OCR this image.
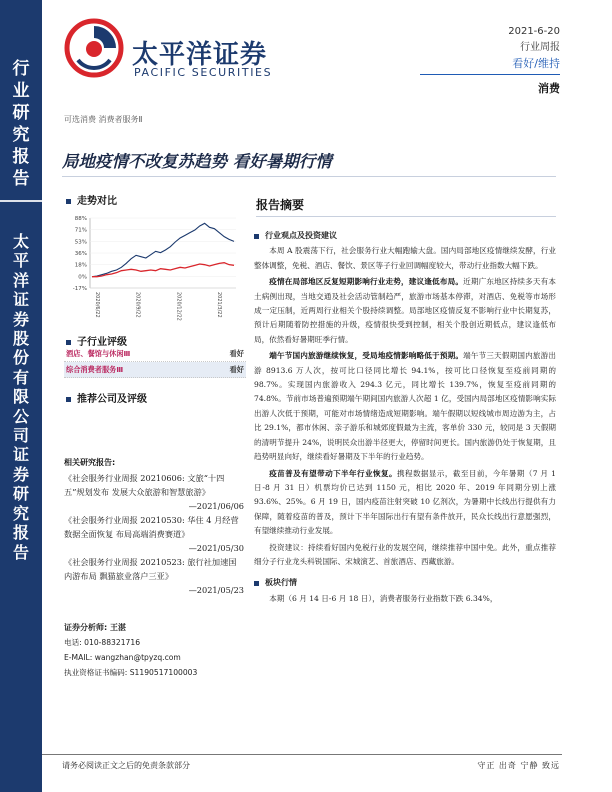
行
业
研
究
报
告
太
平
洋
证
券
股
份
有
限
公
司
证
券
研
究
报
告
太平洋证券
PACIFIC SECURITIES
2021-6-20
行业周报
看好/维持
消费
可选消费 消费者服务Ⅱ
局地疫情不改复苏趋势 看好暑期行情
走势对比
88%
71%
53%
36%
18%
0%
-17%
2020/6/22	2020/9/22	2020/12/22	2021/3/22
子行业评级
酒店、餐馆与休闲Ⅲ	看好
综合消费者服务Ⅲ	看好
推荐公司及评级
相关研究报告:

《社会服务行业周报 20210606: 文旅“十四五”规划发布 发展大众旅游和智慧旅游》

—2021/06/06

《社会服务行业周报 20210530: 华住 4 月经营数据全面恢复 布局高端消费赛道》

—2021/05/30

《社会服务行业周报 20210523: 旅行社加速国内游布局 飘猫旅业落户三亚》

—2021/05/23

证券分析师: 王湛
电话: 010-88321716
E-MAIL: wangzhan@tpyzq.com
执业资格证书编码: S1190517100003
报告摘要
行业观点及投资建议

本周 A 股震荡下行，社会服务行业大幅跑输大盘。国内局部地区疫情继续发酵，行业整体调整，免税、酒店、餐饮、景区等子行业回调幅度较大，带动行业指数大幅下跌。

疫情在局部地区反复短期影响行业走势，建议逢低布局。近期广东地区持续多天有本土病例出现，当地交通及社会活动管制趋严，旅游市场基本停滞，对酒店、免税等市场形成一定压制，近两周行业相关个股持续调整。局部地区疫情反复不影响行业中长期复苏，预计后期随着防控措施的升级，疫情很快受到控制，相关个股创近期低点，建议逢低布局，依然看好暑期旺季行情。

端午节国内旅游继续恢复，受局地疫情影响略低于预期。端午节三天假期国内旅游出游 8913.6 万人次，按可比口径同比增长 94.1%，按可比口径恢复至疫前同期的 98.7%。实现国内旅游收入 294.3 亿元，同比增长 139.7%，恢复至疫前同期的 74.8%。节前市场普遍预期端午期间国内旅游人次超 1 亿，受国内局部地区疫情影响实际出游人次低于预期，可能对市场情绪造成短期影响。端午假期以短线城市周边游为主，占比 29.1%，都市休闲、亲子游乐和城郊度假最为主流，客单价 330 元，较同是 3 天假期的清明节提升 24%，说明民众出游半径更大，停留时间更长。国内旅游仍处于恢复期，且趋势明显向好，继续看好暑期及下半年的行业趋势。

疫苗普及有望带动下半年行业恢复。携程数据显示，截至目前，今年暑期（7 月 1 日-8 月 31 日）机票均价已达到 1150 元，相比 2020 年、2019 年同期分别上涨 93.6%、25%。6 月 19 日，国内疫苗注射突破 10 亿剂次，为暑期中长线出行提供有力保障，随着疫苗的普及，预计下半年国际出行有望有条件放开，民众长线出行意愿强烈，有望继续推动行业发展。

投资建议：持续看好国内免税行业的发展空间，继续推荐中国中免。此外，重点推荐细分子行业龙头科锐国际、宋城演艺、首旅酒店、西藏旅游。

板块行情

本期（6 月 14 日-6 月 18 日），消费者服务行业指数下跌 6.34%，

请务必阅读正文之后的免责条款部分	守正 出奇 宁静 致远
